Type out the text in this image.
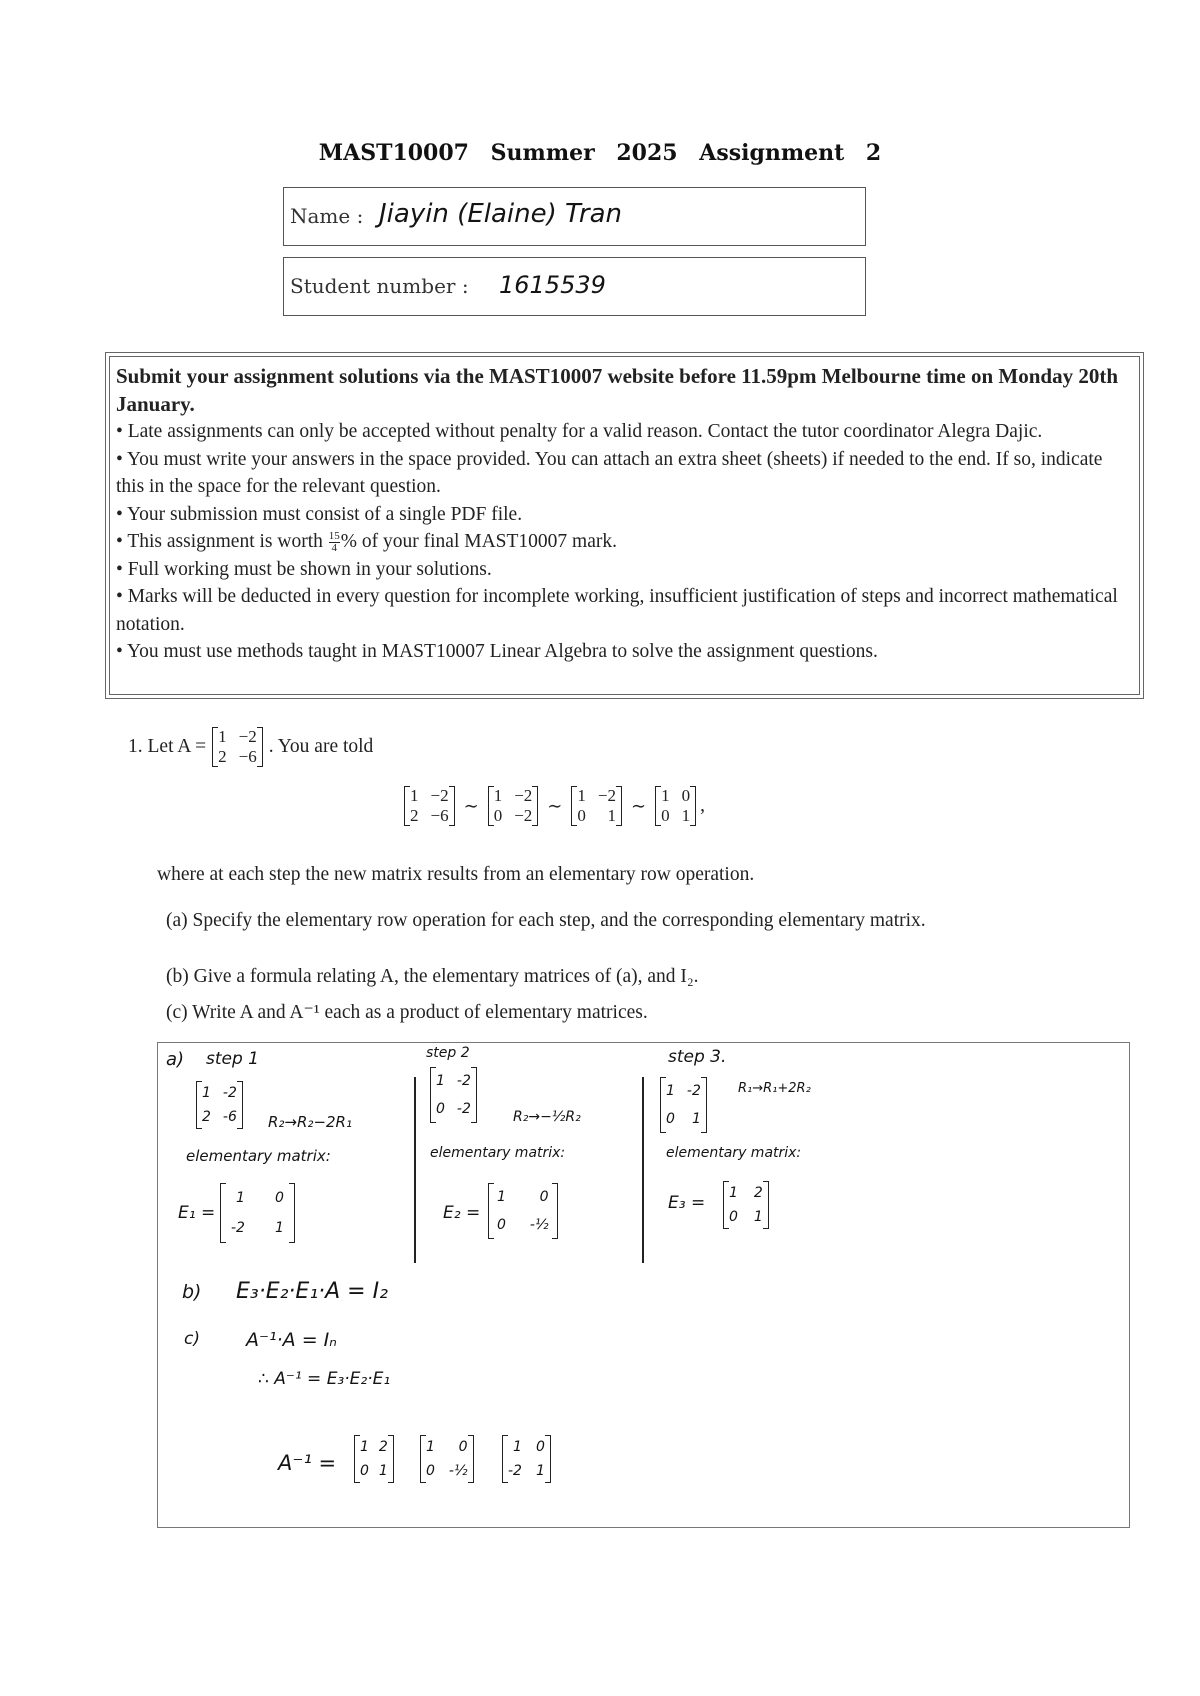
MAST10007 Summer 2025 Assignment 2
Name : Jiayin (Elaine) Tran
Student number : 1615539
Submit your assignment solutions via the MAST10007 website before 11.59pm Melbourne time on Monday 20th January.
• Late assignments can only be accepted without penalty for a valid reason. Contact the tutor coordinator Alegra Dajic.
• You must write your answers in the space provided. You can attach an extra sheet (sheets) if needed to the end. If so, indicate this in the space for the relevant question.
• Your submission must consist of a single PDF file.
• This assignment is worth $\frac{15}{4}$ % of your final MAST10007 mark.
• Full working must be shown in your solutions.
• Marks will be deducted in every question for incomplete working, insufficient justification of steps and incorrect mathematical notation.
• You must use methods taught in MAST10007 Linear Algebra to solve the assignment questions.
1. Let A = 1 −2
2 −6 . You are told
1 −2
2 −6 ∼ 1 −2
0 −2 ∼ 1 −2
0	1 ∼ 1 0
0 1 ,
where at each step the new matrix results from an elementary row operation.
(a) Specify the elementary row operation for each step, and the corresponding elementary matrix.
(b) Give a formula relating A, the elementary matrices of (a), and I₂.
(c) Write A and A⁻¹ each as a product of elementary matrices.
a) step 1
1 -2
2 -6 R₂→R₂−2R₁
elementary matrix:
E₁ =
1 0
-2 1
step 2
1 -2
0 -2	R₂→−½R₂
elementary matrix:
E₂ =
1	0
0 -½
step 3.
1 -2
0	1
R₁→R₁+2R₂
elementary matrix:
E₃ = 1 2
0 1
b) E₃·E₂·E₁·A = I₂
c) A⁻¹·A = Iₙ
∴ A⁻¹ = E₃·E₂·E₁
A⁻¹ =
1 2
0 1
1	0
0 -½
1 0
-2 1
